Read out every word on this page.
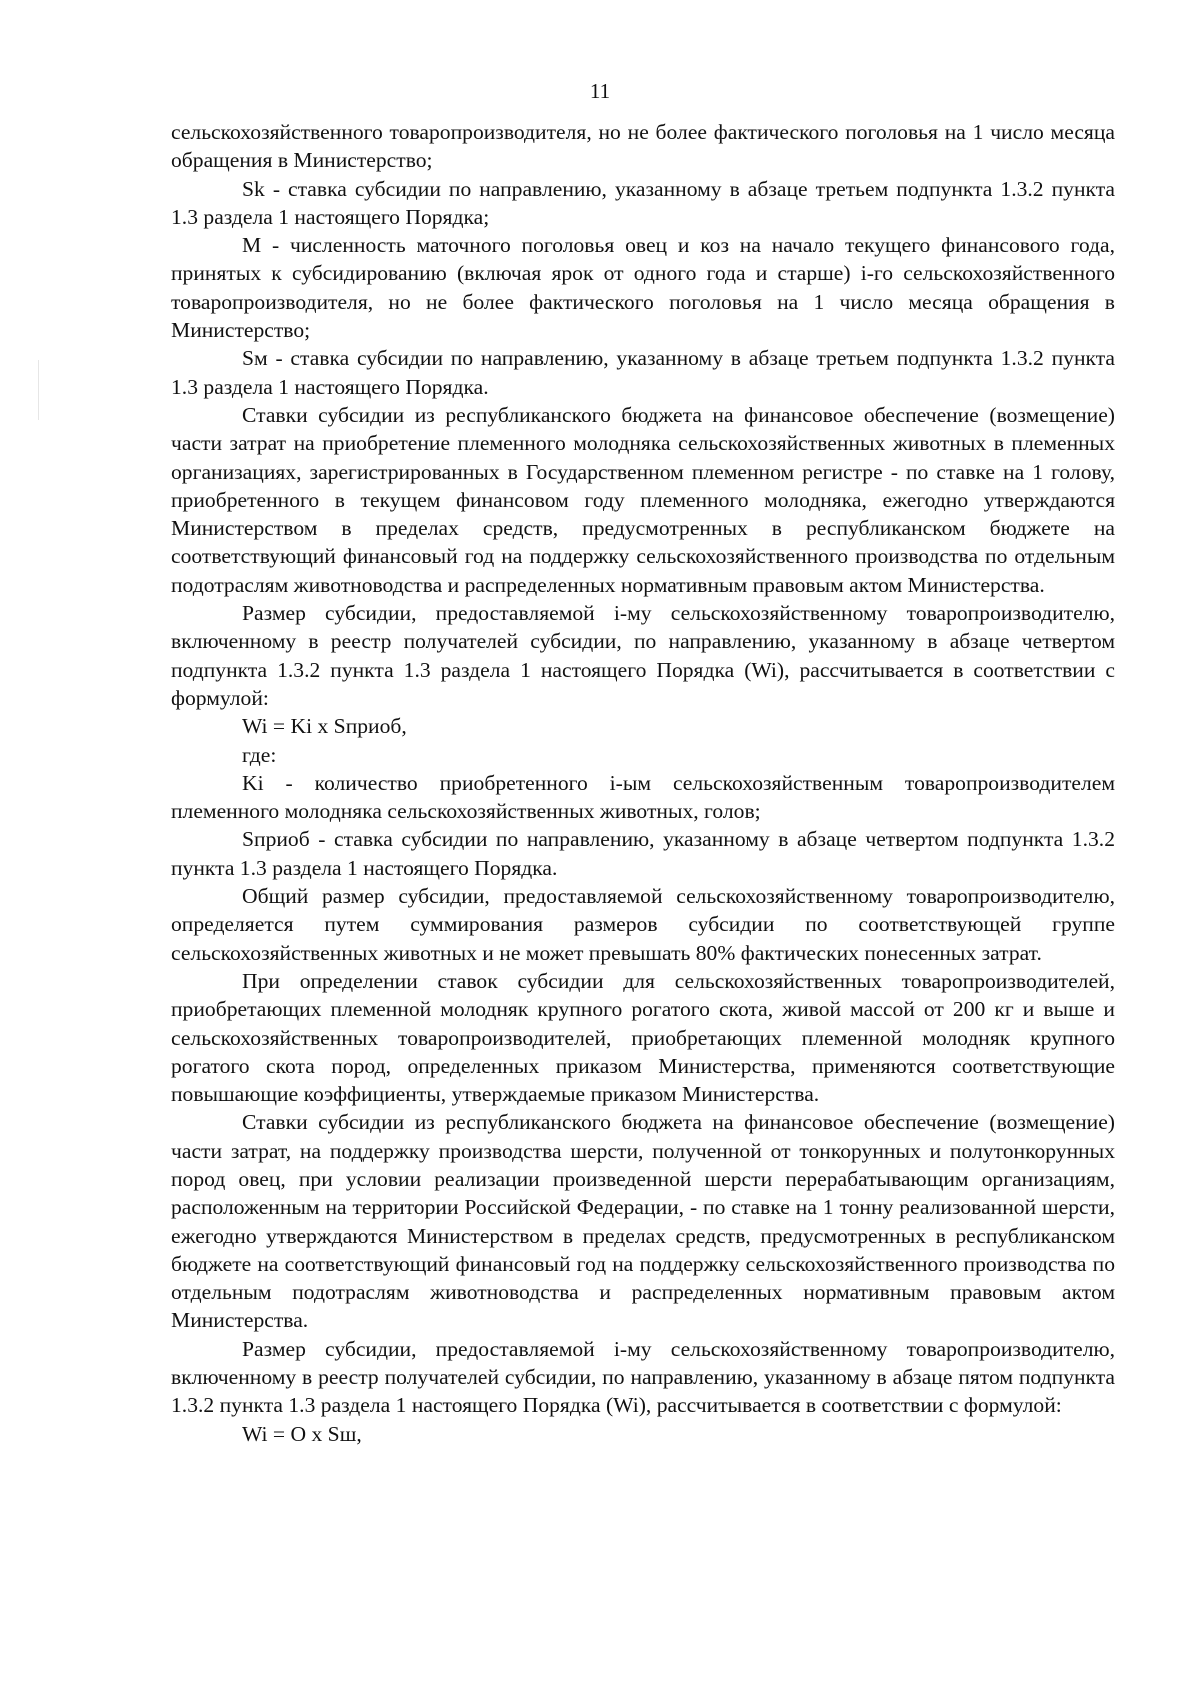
11

сельскохозяйственного товаропроизводителя, но не более фактического поголовья на 1 число месяца обращения в Министерство;

Sk - ставка субсидии по направлению, указанному в абзаце третьем подпункта 1.3.2 пункта 1.3 раздела 1 настоящего Порядка;

М - численность маточного поголовья овец и коз на начало текущего финансового года, принятых к субсидированию (включая ярок от одного года и старше) i-го сельскохозяйственного товаропроизводителя, но не более фактического поголовья на 1 число месяца обращения в Министерство;

Sм - ставка субсидии по направлению, указанному в абзаце третьем подпункта 1.3.2 пункта 1.3 раздела 1 настоящего Порядка.

Ставки субсидии из республиканского бюджета на финансовое обеспечение (возмещение) части затрат на приобретение племенного молодняка сельскохозяйственных животных в племенных организациях, зарегистрированных в Государственном племенном регистре - по ставке на 1 голову, приобретенного в текущем финансовом году племенного молодняка, ежегодно утверждаются Министерством в пределах средств, предусмотренных в республиканском бюджете на соответствующий финансовый год на поддержку сельскохозяйственного производства по отдельным подотраслям животноводства и распределенных нормативным правовым актом Министерства.

Размер субсидии, предоставляемой i-му сельскохозяйственному товаропроизводителю, включенному в реестр получателей субсидии, по направлению, указанному в абзаце четвертом подпункта 1.3.2 пункта 1.3 раздела 1 настоящего Порядка (Wi), рассчитывается в соответствии с формулой:

Wi = Ki x Sприоб,

где:

Ki - количество приобретенного i-ым сельскохозяйственным товаропроизводителем племенного молодняка сельскохозяйственных животных, голов;

Sприоб - ставка субсидии по направлению, указанному в абзаце четвертом подпункта 1.3.2 пункта 1.3 раздела 1 настоящего Порядка.

Общий размер субсидии, предоставляемой сельскохозяйственному товаропроизводителю, определяется путем суммирования размеров субсидии по соответствующей группе сельскохозяйственных животных и не может превышать 80% фактических понесенных затрат.

При определении ставок субсидии для сельскохозяйственных товаропроизводителей, приобретающих племенной молодняк крупного рогатого скота, живой массой от 200 кг и выше и сельскохозяйственных товаропроизводителей, приобретающих племенной молодняк крупного рогатого скота пород, определенных приказом Министерства, применяются соответствующие повышающие коэффициенты, утверждаемые приказом Министерства.

Ставки субсидии из республиканского бюджета на финансовое обеспечение (возмещение) части затрат, на поддержку производства шерсти, полученной от тонкорунных и полутонкорунных пород овец, при условии реализации произведенной шерсти перерабатывающим организациям, расположенным на территории Российской Федерации, - по ставке на 1 тонну реализованной шерсти, ежегодно утверждаются Министерством в пределах средств, предусмотренных в республиканском бюджете на соответствующий финансовый год на поддержку сельскохозяйственного производства по отдельным подотраслям животноводства и распределенных нормативным правовым актом Министерства.

Размер субсидии, предоставляемой i-му сельскохозяйственному товаропроизводителю, включенному в реестр получателей субсидии, по направлению, указанному в абзаце пятом подпункта 1.3.2 пункта 1.3 раздела 1 настоящего Порядка (Wi), рассчитывается в соответствии с формулой:

Wi = O x Sш,
